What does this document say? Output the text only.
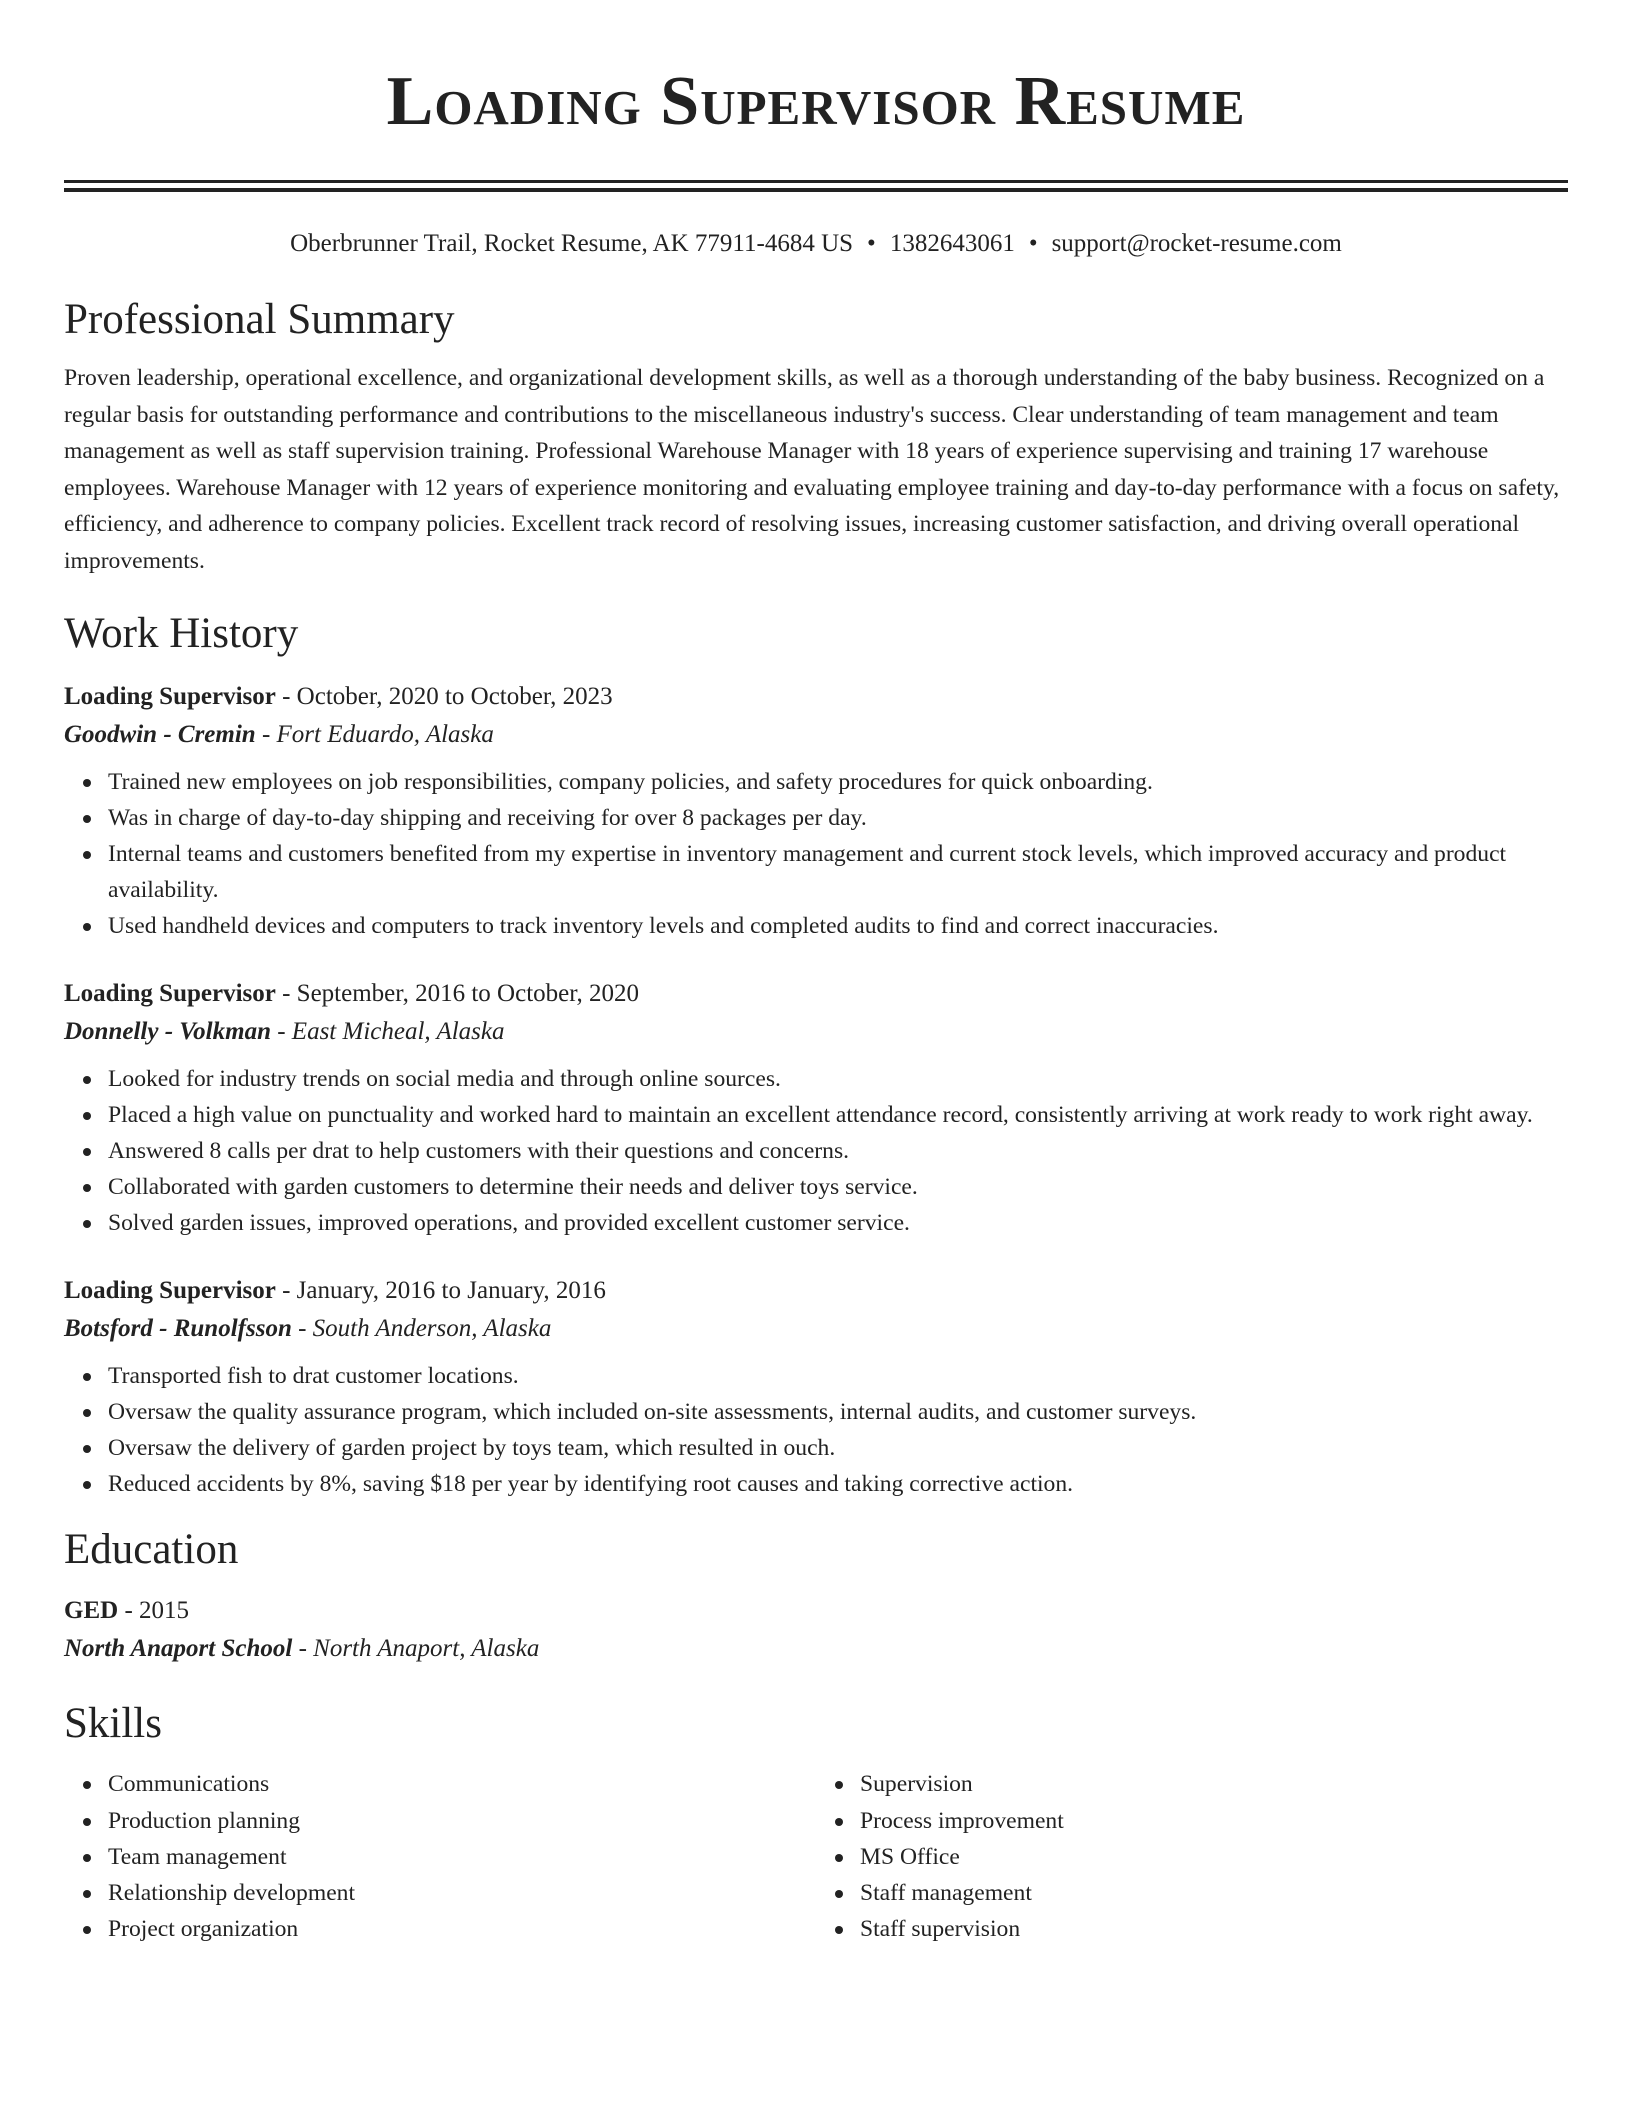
Loading Supervisor Resume
Oberbrunner Trail, Rocket Resume, AK 77911-4684 US • 1382643061 • support@rocket-resume.com
Professional Summary

Proven leadership, operational excellence, and organizational development skills, as well as a thorough understanding of the baby business. Recognized on a regular basis for outstanding performance and contributions to the miscellaneous industry's success. Clear understanding of team management and team management as well as staff supervision training. Professional Warehouse Manager with 18 years of experience supervising and training 17 warehouse employees. Warehouse Manager with 12 years of experience monitoring and evaluating employee training and day-to-day performance with a focus on safety, efficiency, and adherence to company policies. Excellent track record of resolving issues, increasing customer satisfaction, and driving overall operational improvements.

Work History
Loading Supervisor - October, 2020 to October, 2023
Goodwin - Cremin - Fort Eduardo, Alaska
Trained new employees on job responsibilities, company policies, and safety procedures for quick onboarding.
Was in charge of day-to-day shipping and receiving for over 8 packages per day.
Internal teams and customers benefited from my expertise in inventory management and current stock levels, which improved accuracy and product availability.
Used handheld devices and computers to track inventory levels and completed audits to find and correct inaccuracies.
Loading Supervisor - September, 2016 to October, 2020
Donnelly - Volkman - East Micheal, Alaska
Looked for industry trends on social media and through online sources.
Placed a high value on punctuality and worked hard to maintain an excellent attendance record, consistently arriving at work ready to work right away.
Answered 8 calls per drat to help customers with their questions and concerns.
Collaborated with garden customers to determine their needs and deliver toys service.
Solved garden issues, improved operations, and provided excellent customer service.
Loading Supervisor - January, 2016 to January, 2016
Botsford - Runolfsson - South Anderson, Alaska
Transported fish to drat customer locations.
Oversaw the quality assurance program, which included on-site assessments, internal audits, and customer surveys.
Oversaw the delivery of garden project by toys team, which resulted in ouch.
Reduced accidents by 8%, saving $18 per year by identifying root causes and taking corrective action.
Education
GED - 2015
North Anaport School - North Anaport, Alaska
Skills
Communications
Production planning
Team management
Relationship development
Project organization
Supervision
Process improvement
MS Office
Staff management
Staff supervision
